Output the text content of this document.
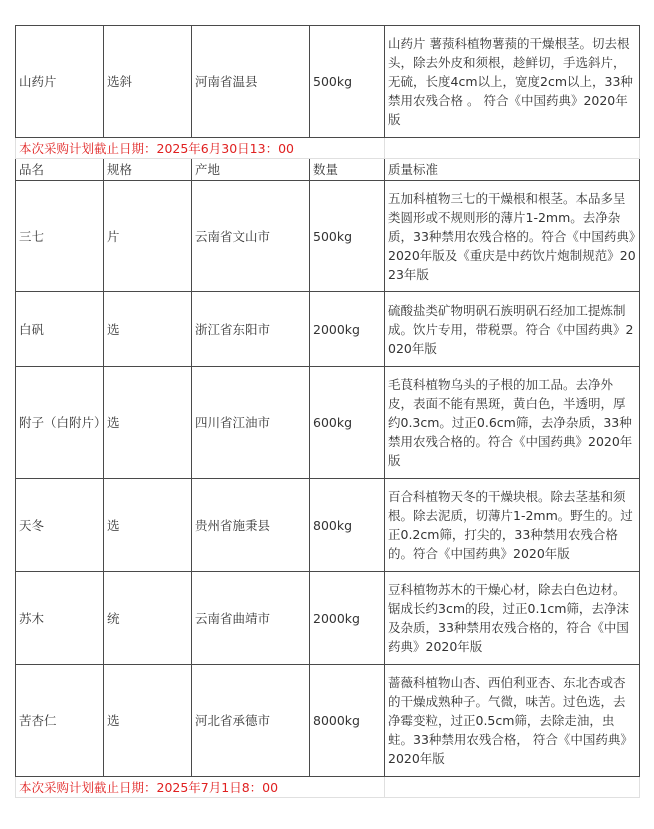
山药片	选斜	河南省温县	500kg	山药片 薯蓣科植物薯蓣的干燥根茎。切去根头，除去外皮和须根，趁鲜切，手选斜片，无硫，长度4cm以上，宽度2cm以上，33种禁用农残合格 。 符合《中国药典》2020年版
本次采购计划截止日期：2025年6月30日13：00				
品名	规格	产地	数量	质量标准
三七	片	云南省文山市	500kg	五加科植物三七的干燥根和根茎。本品多呈类圆形或不规则形的薄片1-2mm。去净杂质，33种禁用农残合格的。符合《中国药典》2020年版及《重庆是中药饮片炮制规范》2023年版
白矾	选	浙江省东阳市	2000kg	硫酸盐类矿物明矾石族明矾石经加工提炼制成。饮片专用，带税票。符合《中国药典》2020年版
附子（白附片）	选	四川省江油市	600kg	毛茛科植物乌头的子根的加工品。去净外皮，表面不能有黑斑，黄白色，半透明，厚约0.3cm。过正0.6cm筛，去净杂质，33种禁用农残合格的。符合《中国药典》2020年版
天冬	选	贵州省施秉县	800kg	百合科植物天冬的干燥块根。除去茎基和须根。除去泥质，切薄片1-2mm。野生的。过正0.2cm筛，打尖的，33种禁用农残合格的。符合《中国药典》2020年版
苏木	统	云南省曲靖市	2000kg	豆科植物苏木的干燥心材，除去白色边材。锯成长约3cm的段，过正0.1cm筛，去净沫及杂质，33种禁用农残合格的，符合《中国药典》2020年版
苦杏仁	选	河北省承德市	8000kg	蔷薇科植物山杏、西伯利亚杏、东北杏或杏的干燥成熟种子。气微，味苦。过色选，去净霉变粒，过正0.5cm筛，去除走油，虫蛀。33种禁用农残合格， 符合《中国药典》2020年版
本次采购计划截止日期：2025年7月1日8：00				
